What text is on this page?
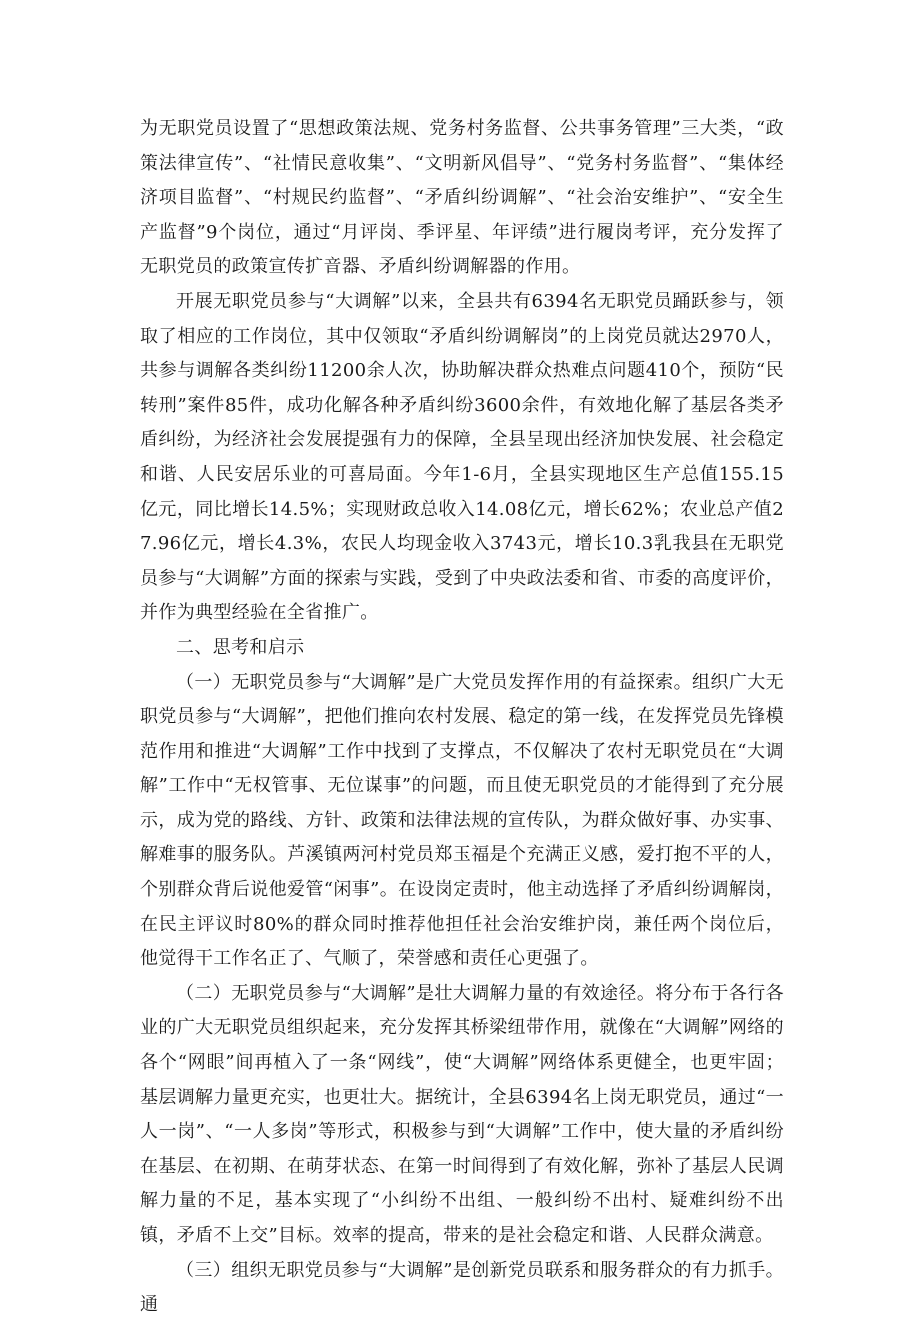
为无职党员设置了“思想政策法规、党务村务监督、公共事务管理”三大类，“政策法律宣传”、“社情民意收集”、“文明新风倡导”、“党务村务监督”、“集体经济项目监督”、“村规民约监督”、“矛盾纠纷调解”、“社会治安维护”、“安全生产监督”9个岗位，通过“月评岗、季评星、年评绩”进行履岗考评，充分发挥了无职党员的政策宣传扩音器、矛盾纠纷调解器的作用。

开展无职党员参与“大调解”以来，全县共有6394名无职党员踊跃参与，领取了相应的工作岗位，其中仅领取“矛盾纠纷调解岗”的上岗党员就达2970人，共参与调解各类纠纷11200余人次，协助解决群众热难点问题410个，预防“民转刑”案件85件，成功化解各种矛盾纠纷3600余件，有效地化解了基层各类矛盾纠纷，为经济社会发展提强有力的保障，全县呈现出经济加快发展、社会稳定和谐、人民安居乐业的可喜局面。今年1-6月，全县实现地区生产总值155.15亿元，同比增长14.5%；实现财政总收入14.08亿元，增长62%；农业总产值27.96亿元，增长4.3%，农民人均现金收入3743元，增长10.3乳我县在无职党员参与“大调解”方面的探索与实践，受到了中央政法委和省、市委的高度评价，并作为典型经验在全省推广。

二、思考和启示

（一）无职党员参与“大调解”是广大党员发挥作用的有益探索。组织广大无职党员参与“大调解”，把他们推向农村发展、稳定的第一线，在发挥党员先锋模范作用和推进“大调解”工作中找到了支撑点，不仅解决了农村无职党员在“大调解”工作中“无权管事、无位谋事”的问题，而且使无职党员的才能得到了充分展示，成为党的路线、方针、政策和法律法规的宣传队，为群众做好事、办实事、解难事的服务队。芦溪镇两河村党员郑玉福是个充满正义感，爱打抱不平的人，个别群众背后说他爱管“闲事”。在设岗定责时，他主动选择了矛盾纠纷调解岗，在民主评议时80%的群众同时推荐他担任社会治安维护岗，兼任两个岗位后，他觉得干工作名正了、气顺了，荣誉感和责任心更强了。

（二）无职党员参与“大调解”是壮大调解力量的有效途径。将分布于各行各业的广大无职党员组织起来，充分发挥其桥梁纽带作用，就像在“大调解”网络的各个“网眼”间再植入了一条“网线”，使“大调解”网络体系更健全，也更牢固；基层调解力量更充实，也更壮大。据统计，全县6394名上岗无职党员，通过“一人一岗”、“一人多岗”等形式，积极参与到“大调解”工作中，使大量的矛盾纠纷在基层、在初期、在萌芽状态、在第一时间得到了有效化解，弥补了基层人民调解力量的不足，基本实现了“小纠纷不出组、一般纠纷不出村、疑难纠纷不出镇，矛盾不上交”目标。效率的提高，带来的是社会稳定和谐、人民群众满意。

（三）组织无职党员参与“大调解”是创新党员联系和服务群众的有力抓手。通
